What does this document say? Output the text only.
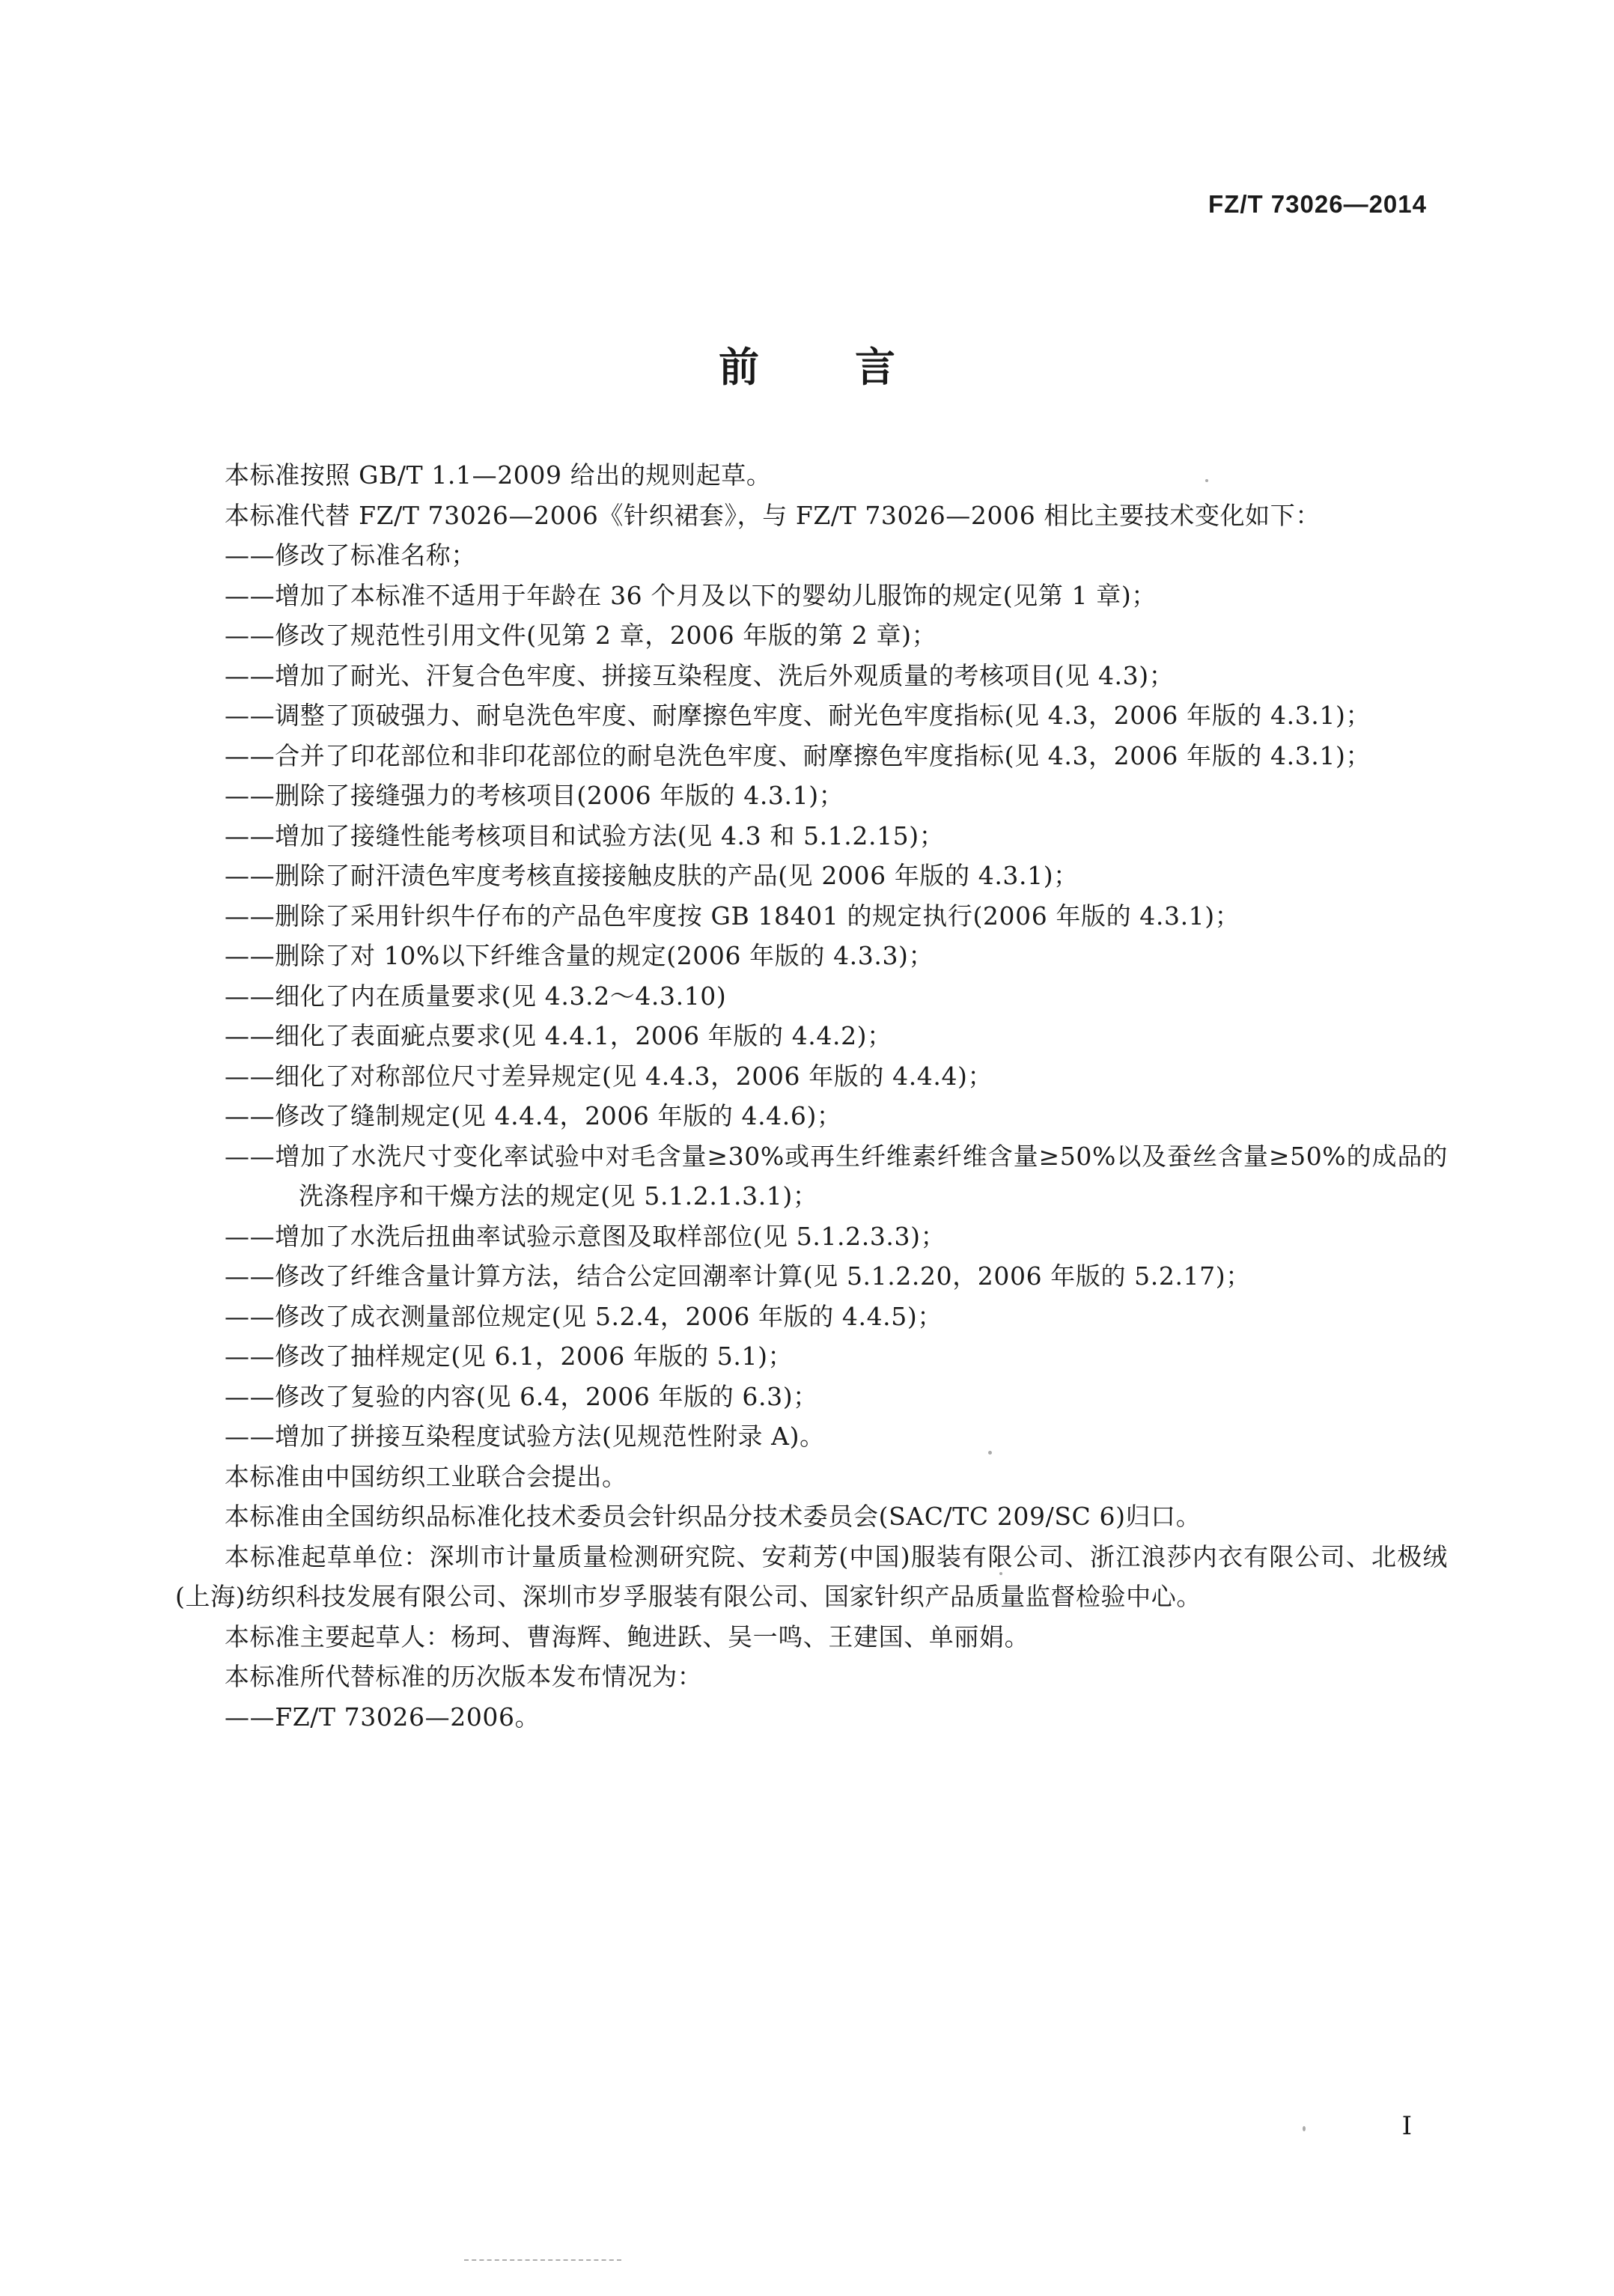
FZ/T 73026—2014
前 言

本标准按照 GB/T 1.1—2009 给出的规则起草。

本标准代替 FZ/T 73026—2006《针织裙套》，与 FZ/T 73026—2006 相比主要技术变化如下：

——修改了标准名称；

——增加了本标准不适用于年龄在 36 个月及以下的婴幼儿服饰的规定(见第 1 章)；

——修改了规范性引用文件(见第 2 章，2006 年版的第 2 章)；

——增加了耐光、汗复合色牢度、拼接互染程度、洗后外观质量的考核项目(见 4.3)；

——调整了顶破强力、耐皂洗色牢度、耐摩擦色牢度、耐光色牢度指标(见 4.3，2006 年版的 4.3.1)；

——合并了印花部位和非印花部位的耐皂洗色牢度、耐摩擦色牢度指标(见 4.3，2006 年版的 4.3.1)；

——删除了接缝强力的考核项目(2006 年版的 4.3.1)；

——增加了接缝性能考核项目和试验方法(见 4.3 和 5.1.2.15)；

——删除了耐汗渍色牢度考核直接接触皮肤的产品(见 2006 年版的 4.3.1)；

——删除了采用针织牛仔布的产品色牢度按 GB 18401 的规定执行(2006 年版的 4.3.1)；

——删除了对 10%以下纤维含量的规定(2006 年版的 4.3.3)；

——细化了内在质量要求(见 4.3.2～4.3.10)

——细化了表面疵点要求(见 4.4.1，2006 年版的 4.4.2)；

——细化了对称部位尺寸差异规定(见 4.4.3，2006 年版的 4.4.4)；

——修改了缝制规定(见 4.4.4，2006 年版的 4.4.6)；

——增加了水洗尺寸变化率试验中对毛含量≥30%或再生纤维素纤维含量≥50%以及蚕丝含量≥50%的成品的洗涤程序和干燥方法的规定(见 5.1.2.1.3.1)；

——增加了水洗后扭曲率试验示意图及取样部位(见 5.1.2.3.3)；

——修改了纤维含量计算方法，结合公定回潮率计算(见 5.1.2.20，2006 年版的 5.2.17)；

——修改了成衣测量部位规定(见 5.2.4，2006 年版的 4.4.5)；

——修改了抽样规定(见 6.1，2006 年版的 5.1)；

——修改了复验的内容(见 6.4，2006 年版的 6.3)；

——增加了拼接互染程度试验方法(见规范性附录 A)。

本标准由中国纺织工业联合会提出。

本标准由全国纺织品标准化技术委员会针织品分技术委员会(SAC/TC 209/SC 6)归口。

本标准起草单位：深圳市计量质量检测研究院、安莉芳(中国)服装有限公司、浙江浪莎内衣有限公司、北极绒(上海)纺织科技发展有限公司、深圳市岁孚服装有限公司、国家针织产品质量监督检验中心。

本标准主要起草人：杨珂、曹海辉、鲍进跃、吴一鸣、王建国、单丽娟。

本标准所代替标准的历次版本发布情况为：

——FZ/T 73026—2006。

I
